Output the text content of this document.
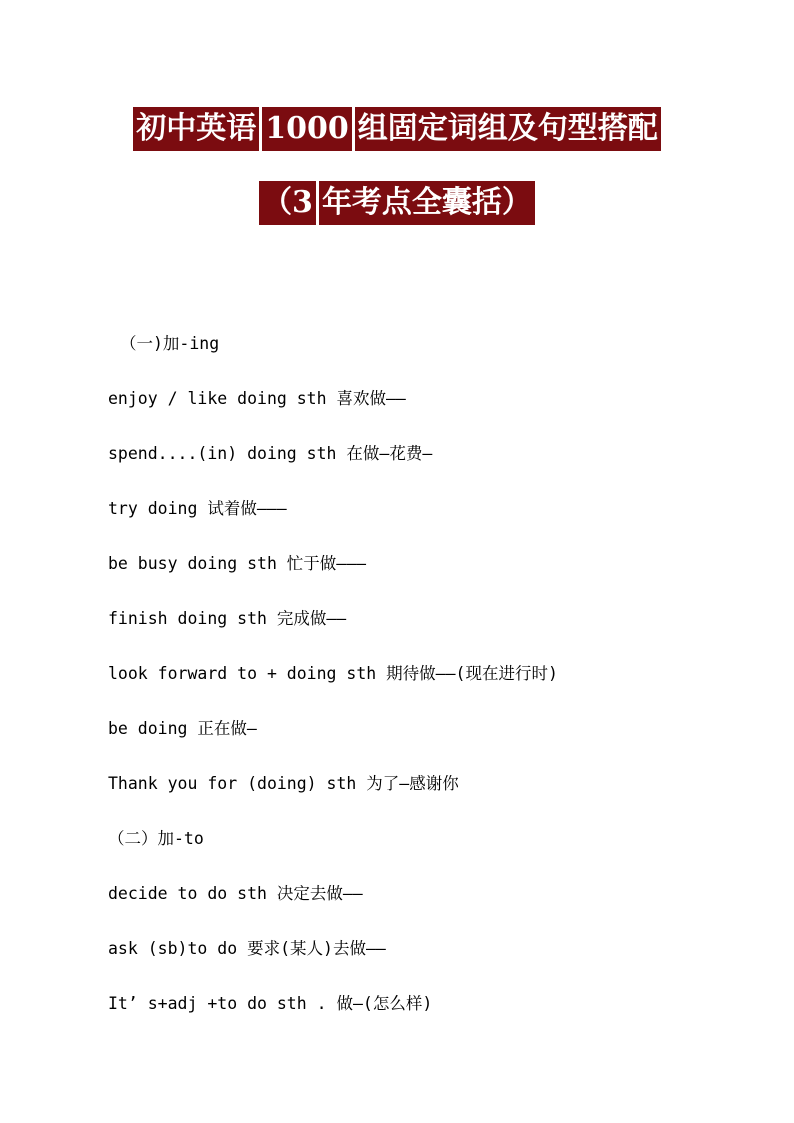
初中英语 1000 组固定词组及句型搭配
（3 年考点全囊括）
（一)加-ing
enjoy / like doing sth 喜欢做——
spend....(in) doing sth 在做—花费—
try doing 试着做———
be busy doing sth 忙于做———
finish doing sth 完成做——
look forward to + doing sth 期待做——(现在进行时)
be doing 正在做—
Thank you for (doing) sth 为了—感谢你
（二）加-to
decide to do sth 决定去做——
ask (sb)to do 要求(某人)去做——
It’ s+adj +to do sth . 做—(怎么样)
